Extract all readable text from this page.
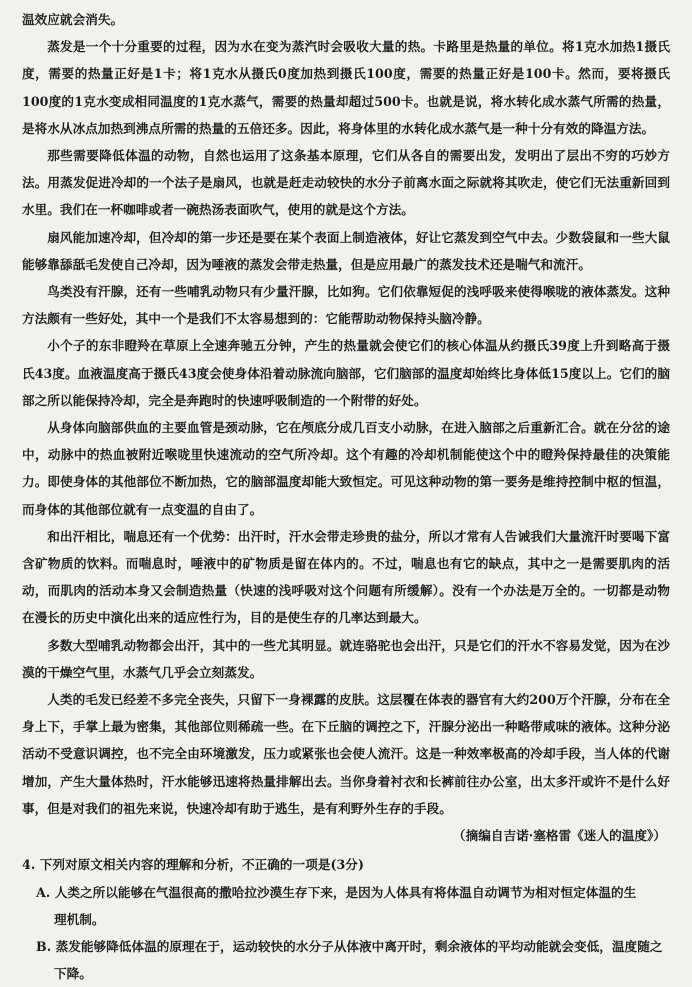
温效应就会消失。

蒸发是一个十分重要的过程，因为水在变为蒸汽时会吸收大量的热。卡路里是热量的单位。将1克水加热1摄氏度，需要的热量正好是1卡；将1克水从摄氏0度加热到摄氏100度，需要的热量正好是100卡。然而，要将摄氏100度的1克水变成相同温度的1克水蒸气，需要的热量却超过500卡。也就是说，将水转化成水蒸气所需的热量，是将水从冰点加热到沸点所需的热量的五倍还多。因此，将身体里的水转化成水蒸气是一种十分有效的降温方法。

那些需要降低体温的动物，自然也运用了这条基本原理，它们从各自的需要出发，发明出了层出不穷的巧妙方法。用蒸发促进冷却的一个法子是扇风，也就是赶走动较快的水分子前离水面之际就将其吹走，使它们无法重新回到水里。我们在一杯咖啡或者一碗热汤表面吹气，使用的就是这个方法。

扇风能加速冷却，但冷却的第一步还是要在某个表面上制造液体，好让它蒸发到空气中去。少数袋鼠和一些大鼠能够靠舔舐毛发使自己冷却，因为唾液的蒸发会带走热量，但是应用最广的蒸发技术还是喘气和流汗。

鸟类没有汗腺，还有一些哺乳动物只有少量汗腺，比如狗。它们依靠短促的浅呼吸来使得喉咙的液体蒸发。这种方法颇有一些好处，其中一个是我们不太容易想到的：它能帮助动物保持头脑冷静。

小个子的东非瞪羚在草原上全速奔驰五分钟，产生的热量就会使它们的核心体温从约摄氏39度上升到略高于摄氏43度。血液温度高于摄氏43度会使身体沿着动脉流向脑部，它们脑部的温度却始终比身体低15度以上。它们的脑部之所以能保持冷却，完全是奔跑时的快速呼吸制造的一个附带的好处。

从身体向脑部供血的主要血管是颈动脉，它在颅底分成几百支小动脉，在进入脑部之后重新汇合。就在分岔的途中，动脉中的热血被附近喉咙里快速流动的空气所冷却。这个有趣的冷却机制能使这个中的瞪羚保持最佳的决策能力。即使身体的其他部位不断加热，它的脑部温度却能大致恒定。可见这种动物的第一要务是维持控制中枢的恒温，而身体的其他部位就有一点变温的自由了。

和出汗相比，喘息还有一个优势：出汗时，汗水会带走珍贵的盐分，所以才常有人告诫我们大量流汗时要喝下富含矿物质的饮料。而喘息时，唾液中的矿物质是留在体内的。不过，喘息也有它的缺点，其中之一是需要肌肉的活动，而肌肉的活动本身又会制造热量（快速的浅呼吸对这个问题有所缓解）。没有一个办法是万全的。一切都是动物在漫长的历史中演化出来的适应性行为，目的是使生存的几率达到最大。

多数大型哺乳动物都会出汗，其中的一些尤其明显。就连骆驼也会出汗，只是它们的汗水不容易发觉，因为在沙漠的干燥空气里，水蒸气几乎会立刻蒸发。

人类的毛发已经差不多完全丧失，只留下一身裸露的皮肤。这层覆在体表的器官有大约200万个汗腺，分布在全身上下，手掌上最为密集，其他部位则稀疏一些。在下丘脑的调控之下，汗腺分泌出一种略带咸味的液体。这种分泌活动不受意识调控，也不完全由环境激发，压力或紧张也会使人流汗。这是一种效率极高的冷却手段，当人体的代谢增加，产生大量体热时，汗水能够迅速将热量排解出去。当你身着衬衣和长裤前往办公室，出太多汗或许不是什么好事，但是对我们的祖先来说，快速冷却有助于逃生，是有利野外生存的手段。

（摘编自吉诺·塞格雷《迷人的温度》）

4. 下列对原文相关内容的理解和分析，不正确的一项是(3分)

A. 人类之所以能够在气温很高的撒哈拉沙漠生存下来，是因为人体具有将体温自动调节为相对恒定体温的生
理机制。

B. 蒸发能够降低体温的原理在于，运动较快的水分子从体液中离开时，剩余液体的平均动能就会变低，温度随之
下降。
